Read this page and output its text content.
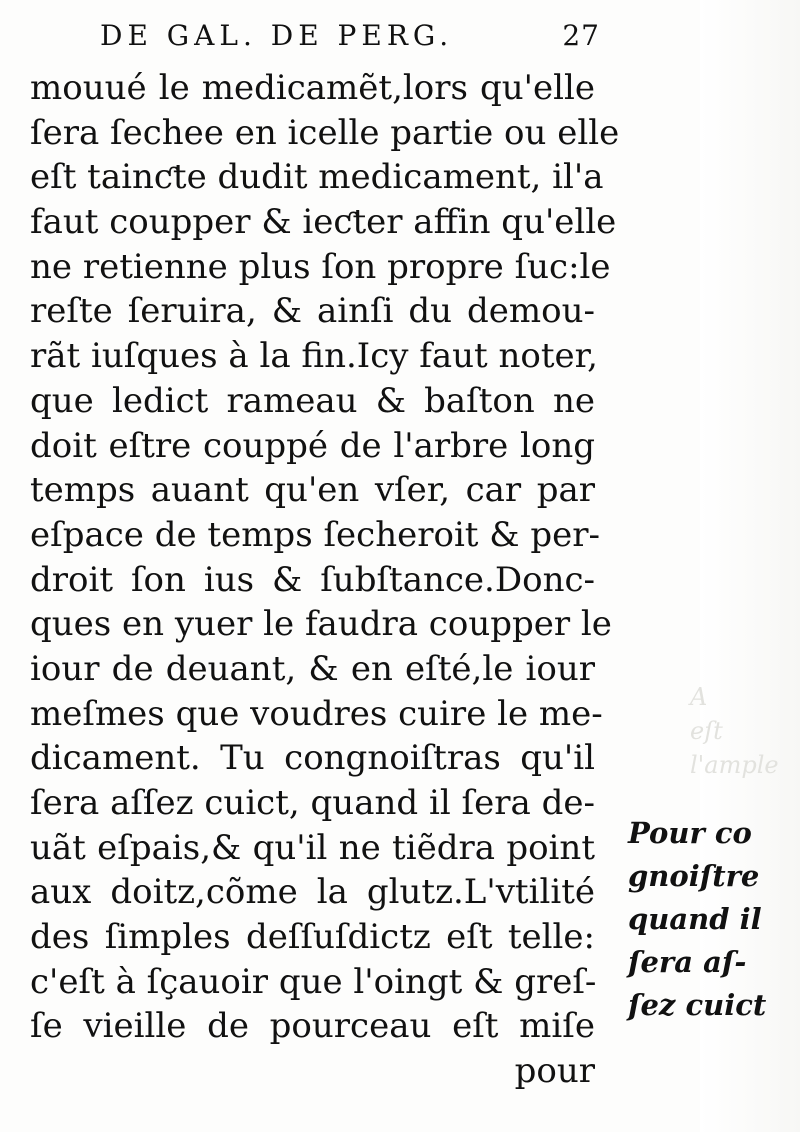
A
eſt
l'ample
DE GAL. DE PERG.	27
mouué le medicamẽt,lors qu'elle
ſera ſechee en icelle partie ou elle
eſt tainƈte dudit medicament, il'a
faut coupper & ieƈter affin qu'elle
ne retienne plus ſon propre ſuc:le
reſte ſeruira, & ainſi du demou-
rãt iuſques à la fin.Icy faut noter,
que ledict rameau & baſton ne
doit eſtre couppé de l'arbre long
temps auant qu'en vſer, car par
eſpace de temps ſecheroit & per-
droit ſon ius & ſubſtance.Donc-
ques en yuer le faudra coupper le
iour de deuant, & en eſté,le iour
meſmes que voudres cuire le me-
dicament. Tu congnoiſtras qu'il
ſera aſſez cuict, quand il ſera de-
uãt eſpais,& qu'il ne tiẽdra point
aux doitz,cõme la glutz.L'vtilité
des ſimples deſſuſdictz eſt telle:
c'eſt à ſçauoir que l'oingt & greſ-
ſe vieille de pourceau eſt miſe
pour
Pour co
gnoiſtre
quand il
ſera aſ-
ſez cuict
